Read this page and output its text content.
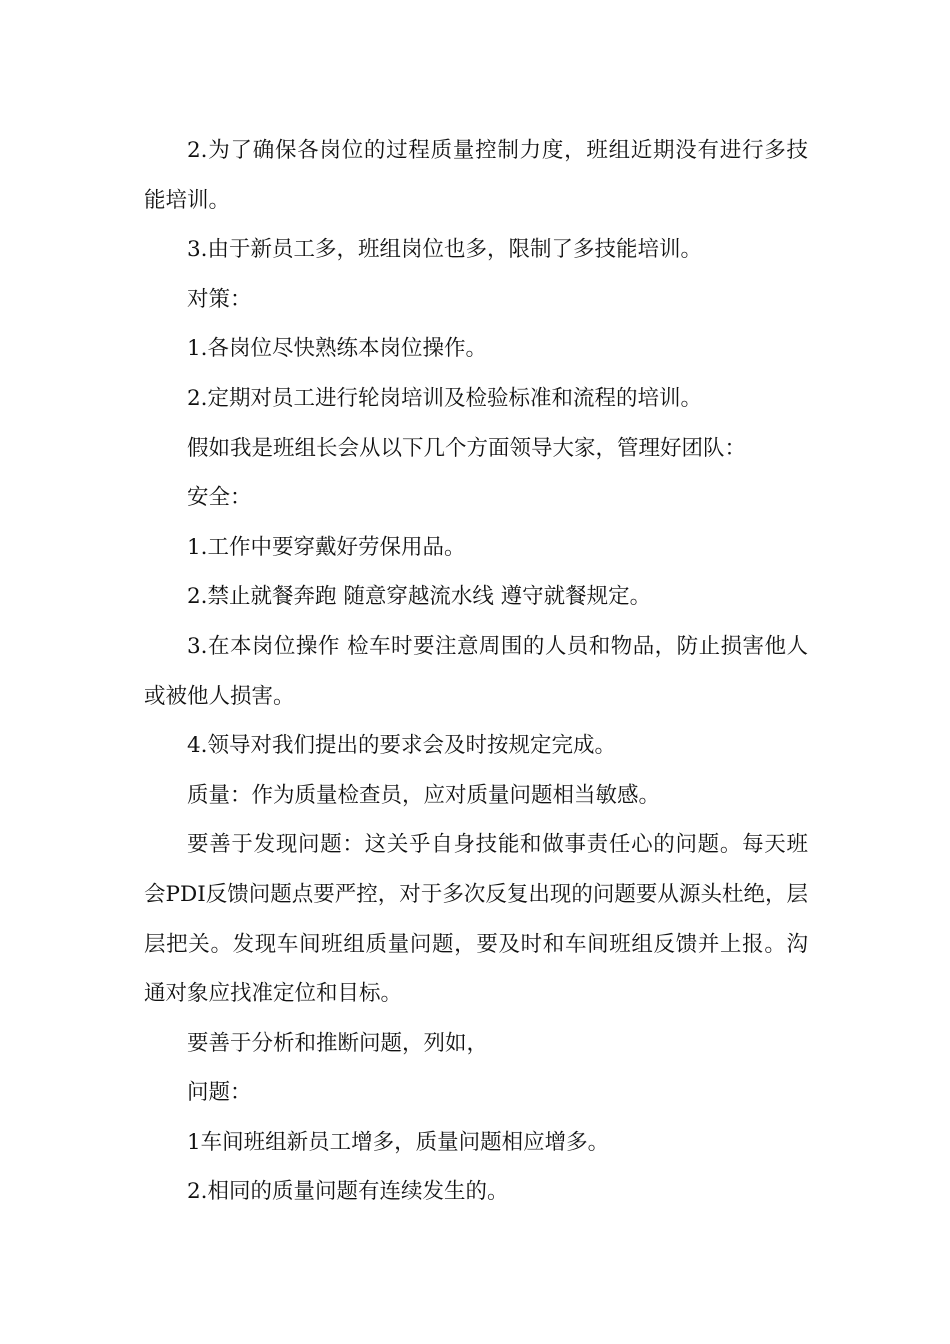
2.为了确保各岗位的过程质量控制力度，班组近期没有进行多技能培训。

3.由于新员工多，班组岗位也多，限制了多技能培训。

对策：

1.各岗位尽快熟练本岗位操作。

2.定期对员工进行轮岗培训及检验标准和流程的培训。

假如我是班组长会从以下几个方面领导大家，管理好团队：

安全：

1.工作中要穿戴好劳保用品。

2.禁止就餐奔跑 随意穿越流水线 遵守就餐规定。

3.在本岗位操作 检车时要注意周围的人员和物品，防止损害他人或被他人损害。

4.领导对我们提出的要求会及时按规定完成。

质量：作为质量检查员，应对质量问题相当敏感。

要善于发现问题：这关乎自身技能和做事责任心的问题。每天班会PDI反馈问题点要严控，对于多次反复出现的问题要从源头杜绝，层层把关。发现车间班组质量问题，要及时和车间班组反馈并上报。沟通对象应找准定位和目标。

要善于分析和推断问题，列如，

问题：

1车间班组新员工增多，质量问题相应增多。

2.相同的质量问题有连续发生的。
